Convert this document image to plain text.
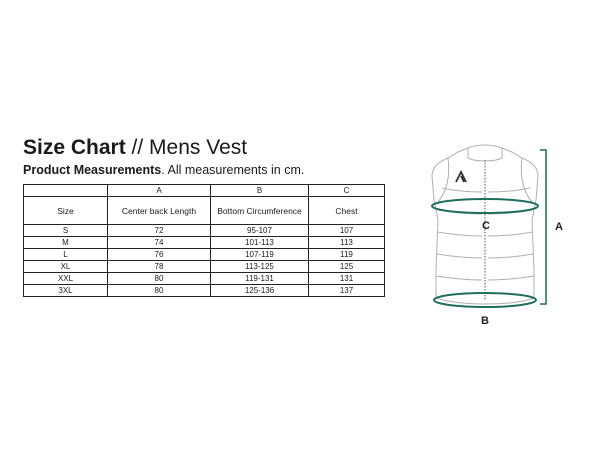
Size Chart // Mens Vest
Product Measurements. All measurements in cm.
	A	B	C
Size	Center back Length	Bottom Circumference	Chest
S	72	95-107	107
M	74	101-113	113
L	76	107-119	119
XL	78	113-125	125
XXL	80	119-131	131
3XL	80	125-136	137
C
B
A
